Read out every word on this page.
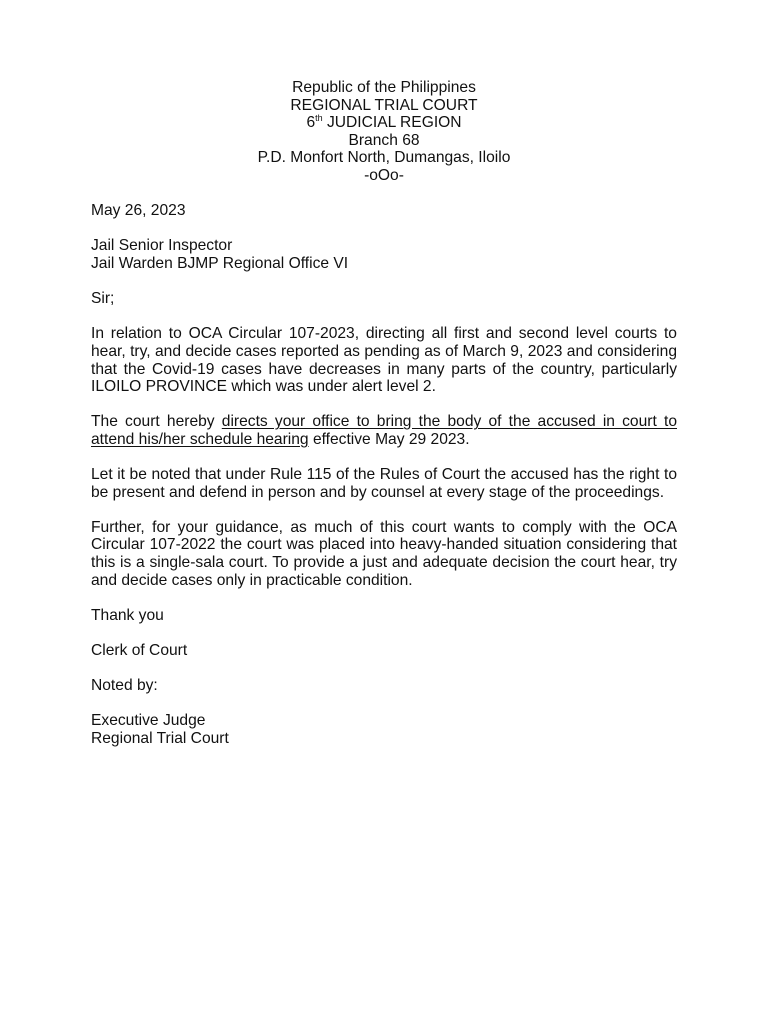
Republic of the Philippines
REGIONAL TRIAL COURT
6th JUDICIAL REGION
Branch 68
P.D. Monfort North, Dumangas, Iloilo
-oOo-
May 26, 2023
Jail Senior Inspector
Jail Warden BJMP Regional Office VI
Sir;

In relation to OCA Circular 107-2023, directing all first and second level courts to hear, try, and decide cases reported as pending as of March 9, 2023 and considering that the Covid-19 cases have decreases in many parts of the country, particularly ILOILO PROVINCE which was under alert level 2.

The court hereby directs your office to bring the body of the accused in court to attend his/her schedule hearing effective May 29 2023.

Let it be noted that under Rule 115 of the Rules of Court the accused has the right to be present and defend in person and by counsel at every stage of the proceedings.

Further, for your guidance, as much of this court wants to comply with the OCA Circular 107-2022 the court was placed into heavy-handed situation considering that this is a single-sala court. To provide a just and adequate decision the court hear, try and decide cases only in practicable condition.

Thank you
Clerk of Court
Noted by:
Executive Judge
Regional Trial Court
